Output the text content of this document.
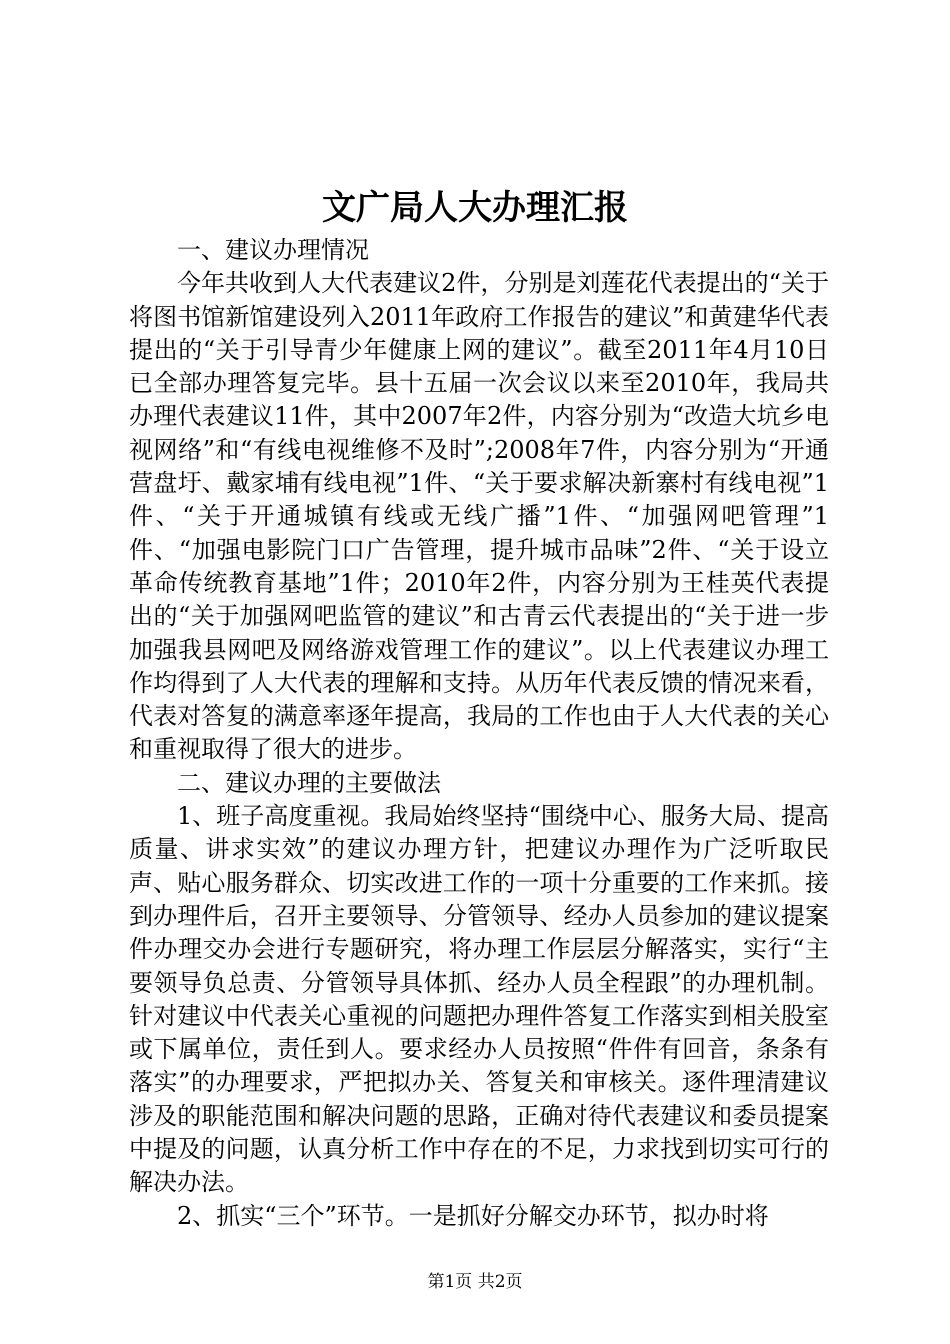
文广局人大办理汇报

一、建议办理情况

今年共收到人大代表建议2件，分别是刘莲花代表提出的“关于将图书馆新馆建设列入2011年政府工作报告的建议”和黄建华代表提出的“关于引导青少年健康上网的建议”。截至2011年4月10日已全部办理答复完毕。县十五届一次会议以来至2010年，我局共办理代表建议11件，其中2007年2件，内容分别为“改造大坑乡电视网络”和“有线电视维修不及时”;2008年7件，内容分别为“开通营盘圩、戴家埔有线电视”1件、“关于要求解决新寨村有线电视”1件、“关于开通城镇有线或无线广播”1件、“加强网吧管理”1件、“加强电影院门口广告管理，提升城市品味”2件、“关于设立革命传统教育基地”1件；2010年2件，内容分别为王桂英代表提出的“关于加强网吧监管的建议”和古青云代表提出的“关于进一步加强我县网吧及网络游戏管理工作的建议”。以上代表建议办理工作均得到了人大代表的理解和支持。从历年代表反馈的情况来看，代表对答复的满意率逐年提高，我局的工作也由于人大代表的关心和重视取得了很大的进步。

二、建议办理的主要做法

1、班子高度重视。我局始终坚持“围绕中心、服务大局、提高质量、讲求实效”的建议办理方针，把建议办理作为广泛听取民声、贴心服务群众、切实改进工作的一项十分重要的工作来抓。接到办理件后，召开主要领导、分管领导、经办人员参加的建议提案件办理交办会进行专题研究，将办理工作层层分解落实，实行“主要领导负总责、分管领导具体抓、经办人员全程跟”的办理机制。针对建议中代表关心重视的问题把办理件答复工作落实到相关股室或下属单位，责任到人。要求经办人员按照“件件有回音，条条有落实”的办理要求，严把拟办关、答复关和审核关。逐件理清建议涉及的职能范围和解决问题的思路，正确对待代表建议和委员提案中提及的问题，认真分析工作中存在的不足，力求找到切实可行的解决办法。

2、抓实“三个”环节。一是抓好分解交办环节，拟办时将

第1页 共2页
